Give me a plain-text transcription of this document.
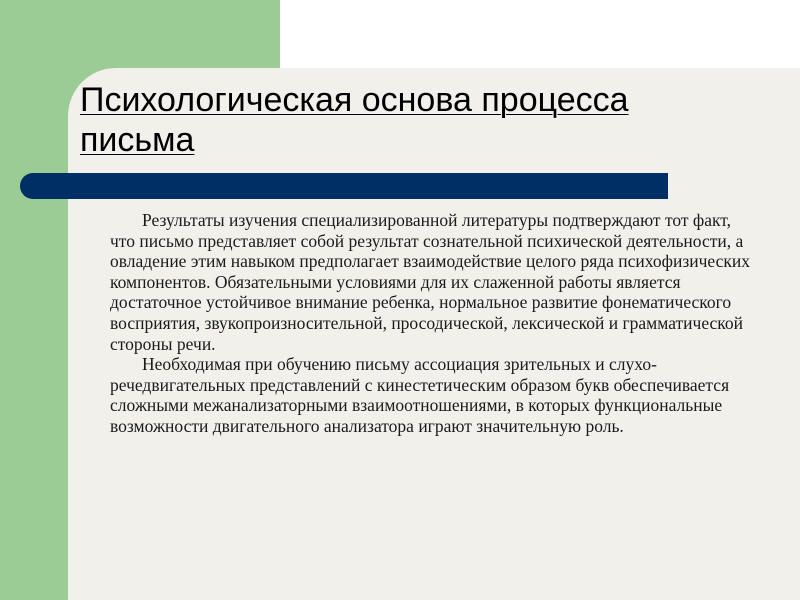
Психологическая основа процесса письма

Результаты изучения специализированной литературы подтверждают тот факт, что письмо представляет собой результат сознательной психической деятельности, а овладение этим навыком предполагает взаимодействие целого ряда психофизических компонентов. Обязательными условиями для их слаженной работы является достаточное устойчивое внимание ребенка, нормальное развитие фонематического восприятия, звукопроизносительной, просодической, лексической и грамматической стороны речи.

Необходимая при обучению письму ассоциация зрительных и слухо-речедвигательных представлений с кинестетическим образом букв обеспечивается сложными межанализаторными взаимоотношениями, в которых функциональные возможности двигательного анализатора играют значительную роль.
